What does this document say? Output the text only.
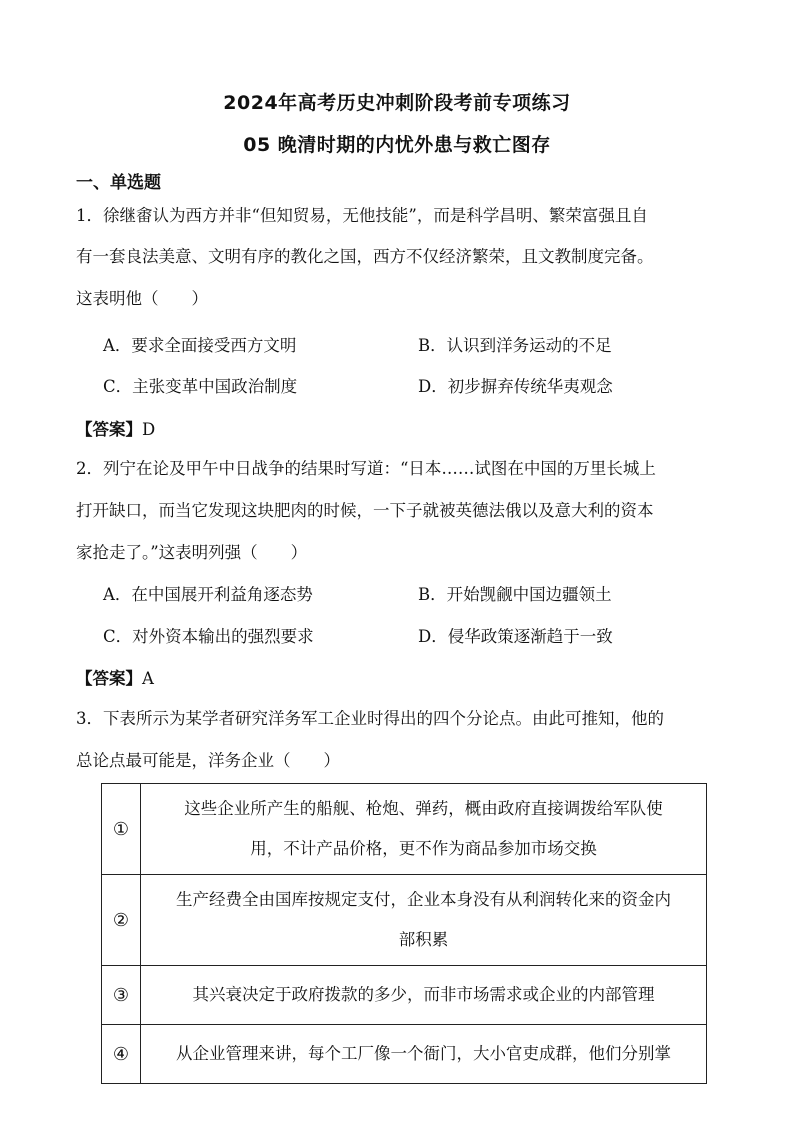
2024年高考历史冲刺阶段考前专项练习
05 晚清时期的内忧外患与救亡图存
一、单选题
1．徐继畬认为西方并非“但知贸易，无他技能”，而是科学昌明、繁荣富强且自
有一套良法美意、文明有序的教化之国，西方不仅经济繁荣，且文教制度完备。
这表明他（　　）
A．要求全面接受西方文明	B．认识到洋务运动的不足
C．主张变革中国政治制度	D．初步摒弃传统华夷观念
【答案】D
2．列宁在论及甲午中日战争的结果时写道：“日本……试图在中国的万里长城上
打开缺口，而当它发现这块肥肉的时候，一下子就被英德法俄以及意大利的资本
家抢走了。”这表明列强（　　）
A．在中国展开利益角逐态势	B．开始觊觎中国边疆领土
C．对外资本输出的强烈要求	D．侵华政策逐渐趋于一致
【答案】A
3．下表所示为某学者研究洋务军工企业时得出的四个分论点。由此可推知，他的
总论点最可能是，洋务企业（　　）
①	这些企业所产生的船舰、枪炮、弹药，概由政府直接调拨给军队使
用，不计产品价格，更不作为商品参加市场交换

②	生产经费全由国库按规定支付，企业本身没有从利润转化来的资金内
部积累

③	其兴衰决定于政府拨款的多少，而非市场需求或企业的内部管理
④	从企业管理来讲，每个工厂像一个衙门，大小官吏成群，他们分别掌
